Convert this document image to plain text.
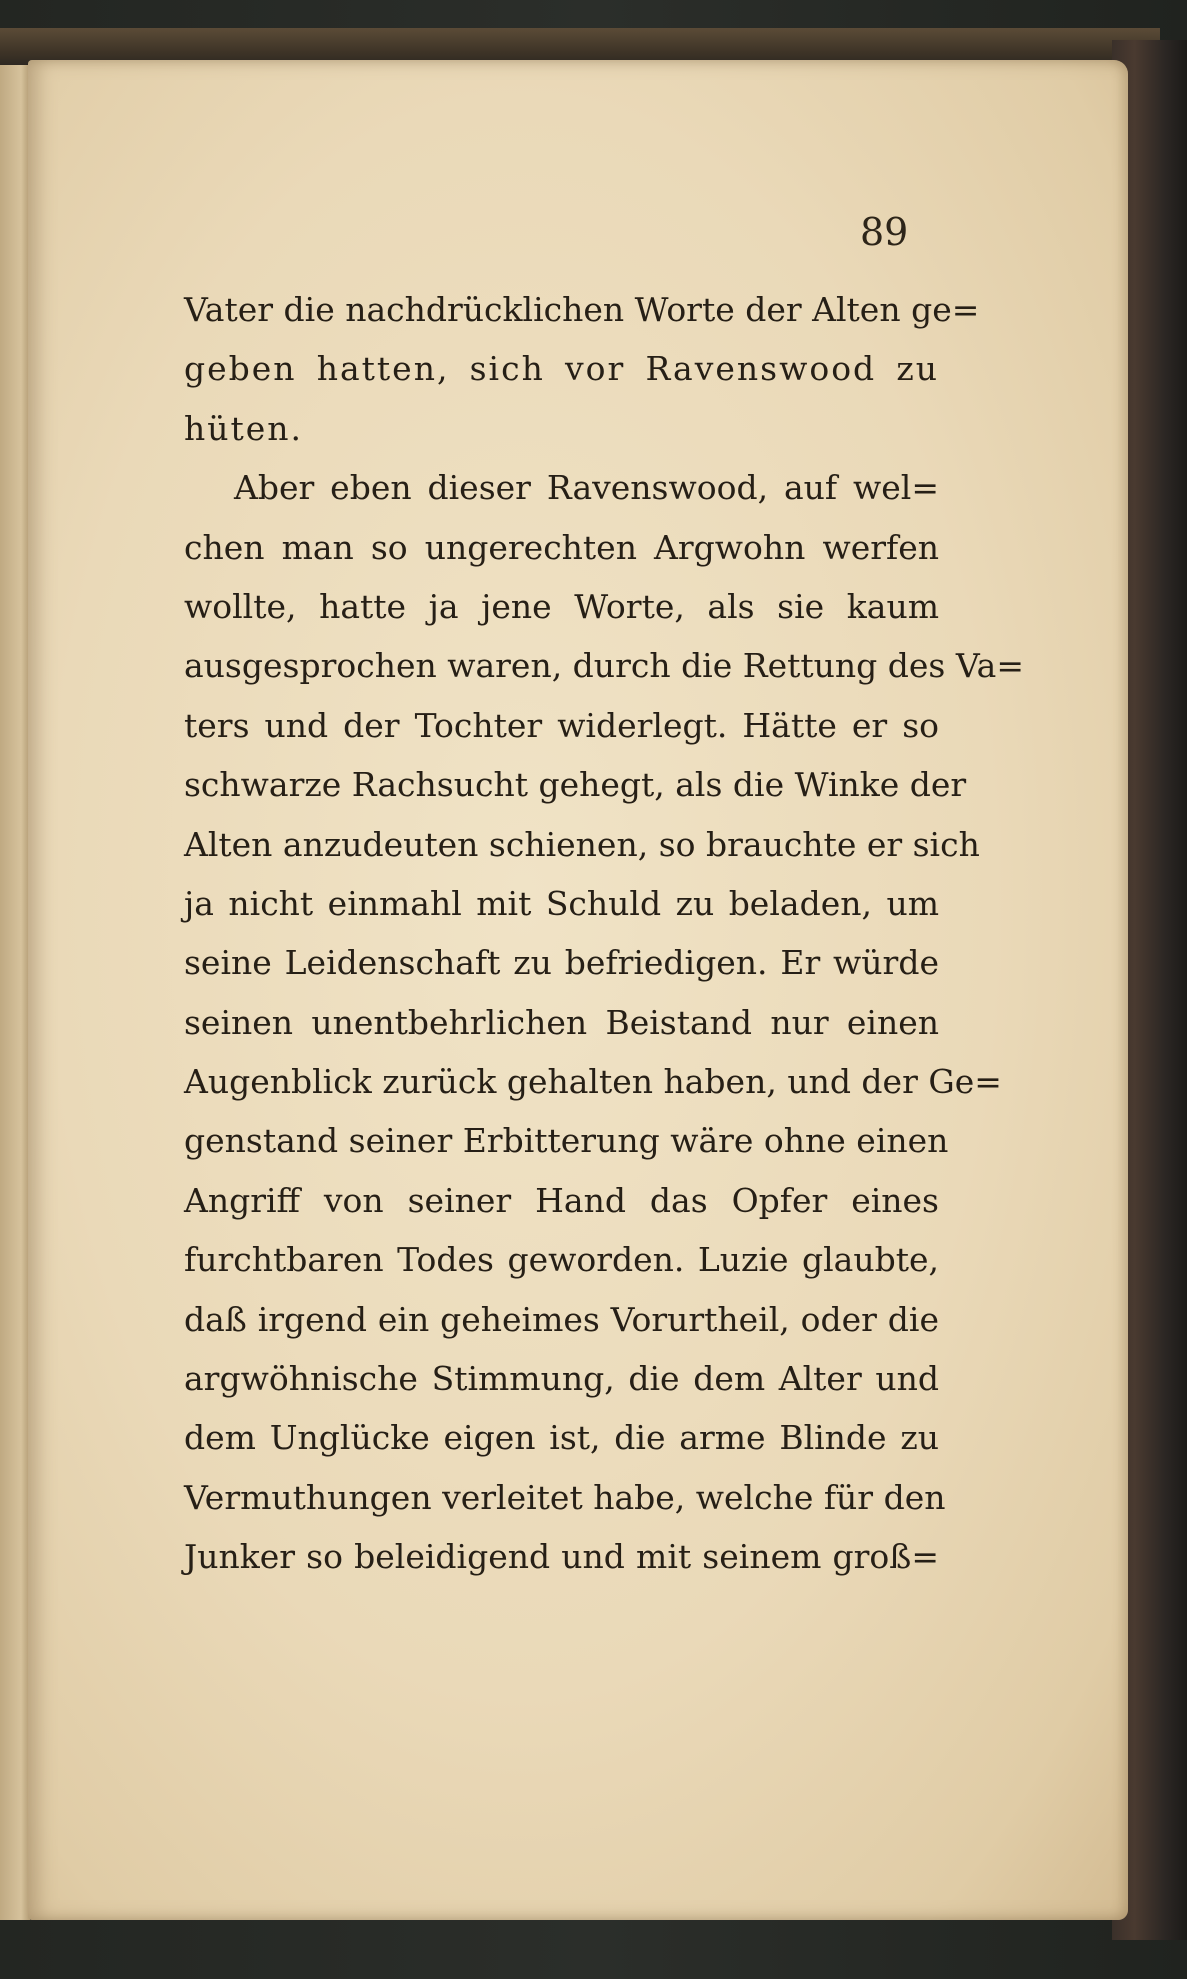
89
Vater die nachdrücklichen Worte der Alten ge=
geben hatten, sich vor Ravenswood zu
hüten.
Aber eben dieser Ravenswood, auf wel=
chen man so ungerechten Argwohn werfen
wollte, hatte ja jene Worte, als sie kaum
ausgesprochen waren, durch die Rettung des Va=
ters und der Tochter widerlegt. Hätte er so
schwarze Rachsucht gehegt, als die Winke der
Alten anzudeuten schienen, so brauchte er sich
ja nicht einmahl mit Schuld zu beladen, um
seine Leidenschaft zu befriedigen. Er würde
seinen unentbehrlichen Beistand nur einen
Augenblick zurück gehalten haben, und der Ge=
genstand seiner Erbitterung wäre ohne einen
Angriff von seiner Hand das Opfer eines
furchtbaren Todes geworden. Luzie glaubte,
daß irgend ein geheimes Vorurtheil, oder die
argwöhnische Stimmung, die dem Alter und
dem Unglücke eigen ist, die arme Blinde zu
Vermuthungen verleitet habe, welche für den
Junker so beleidigend und mit seinem groß=
